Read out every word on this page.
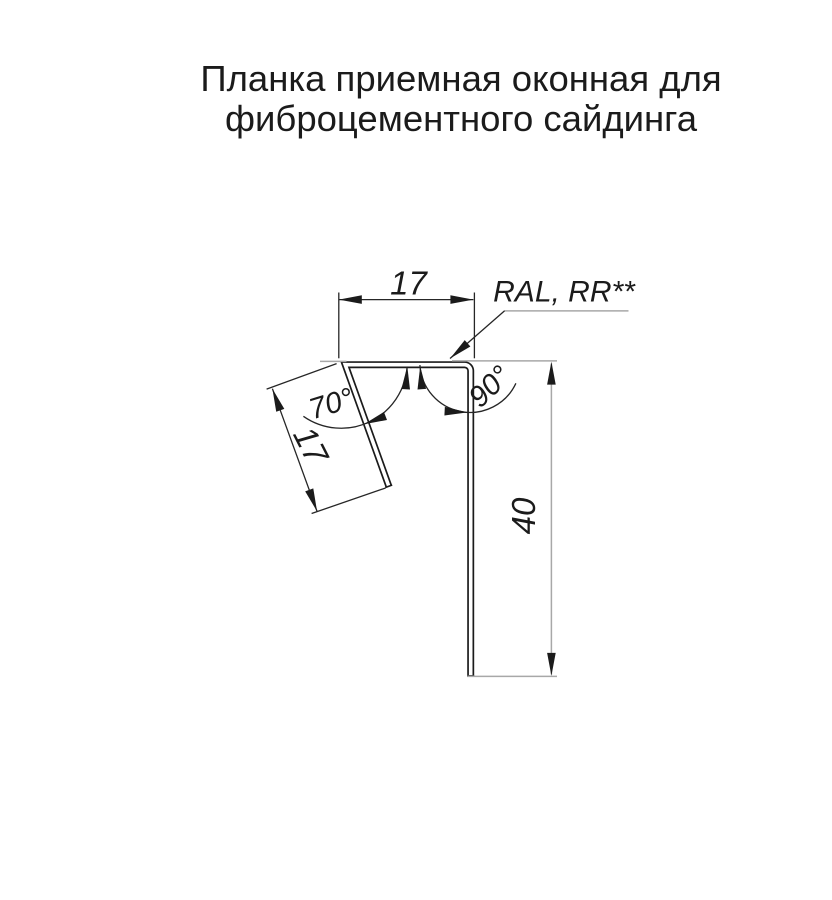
Планка приемная оконная для
фиброцементного сайдинга
17 RAL, RR**
40
17
70°	90°
